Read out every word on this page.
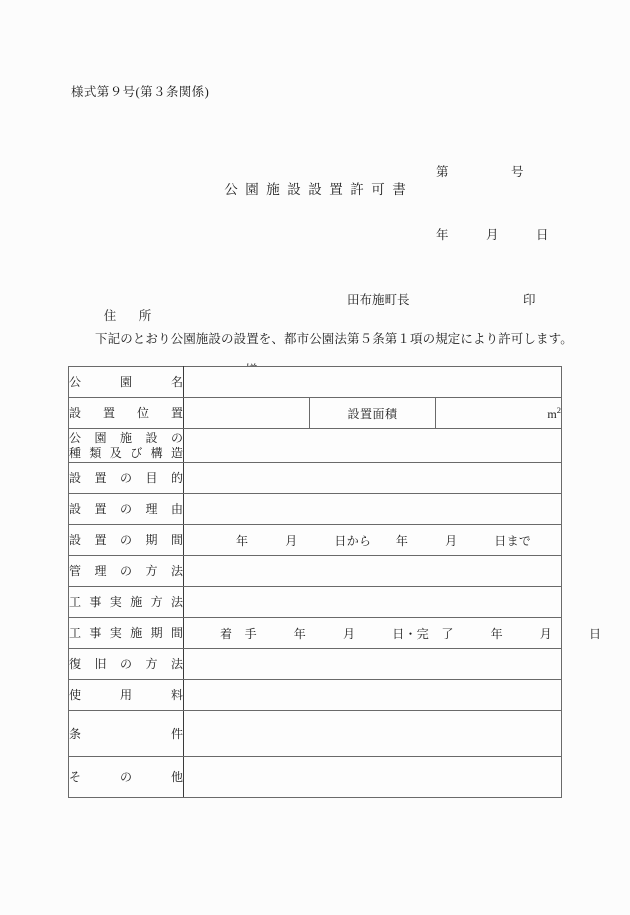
様式第９号(第３条関係)

第　　　　　号

年　　　月　　　日

公園施設設置許可書

住　所

田布施町長	印
下記のとおり公園施設の設置を、都市公園法第５条第１項の規定により許可します。
公園名			
設置位置		設置面積	$m^2$

公園施設の
種類及び構造			

設置の目的			
設置の理由			
設置の期間	年　　　月　　　日から　　年　　　月　　　日まで		

管理の方法			
工事実施方法			
工事実施期間	着　手　　　年　　　月　　　日・完　了　　　年　　　月　　　日		

復旧の方法			
使用料			
条件			
その他			
